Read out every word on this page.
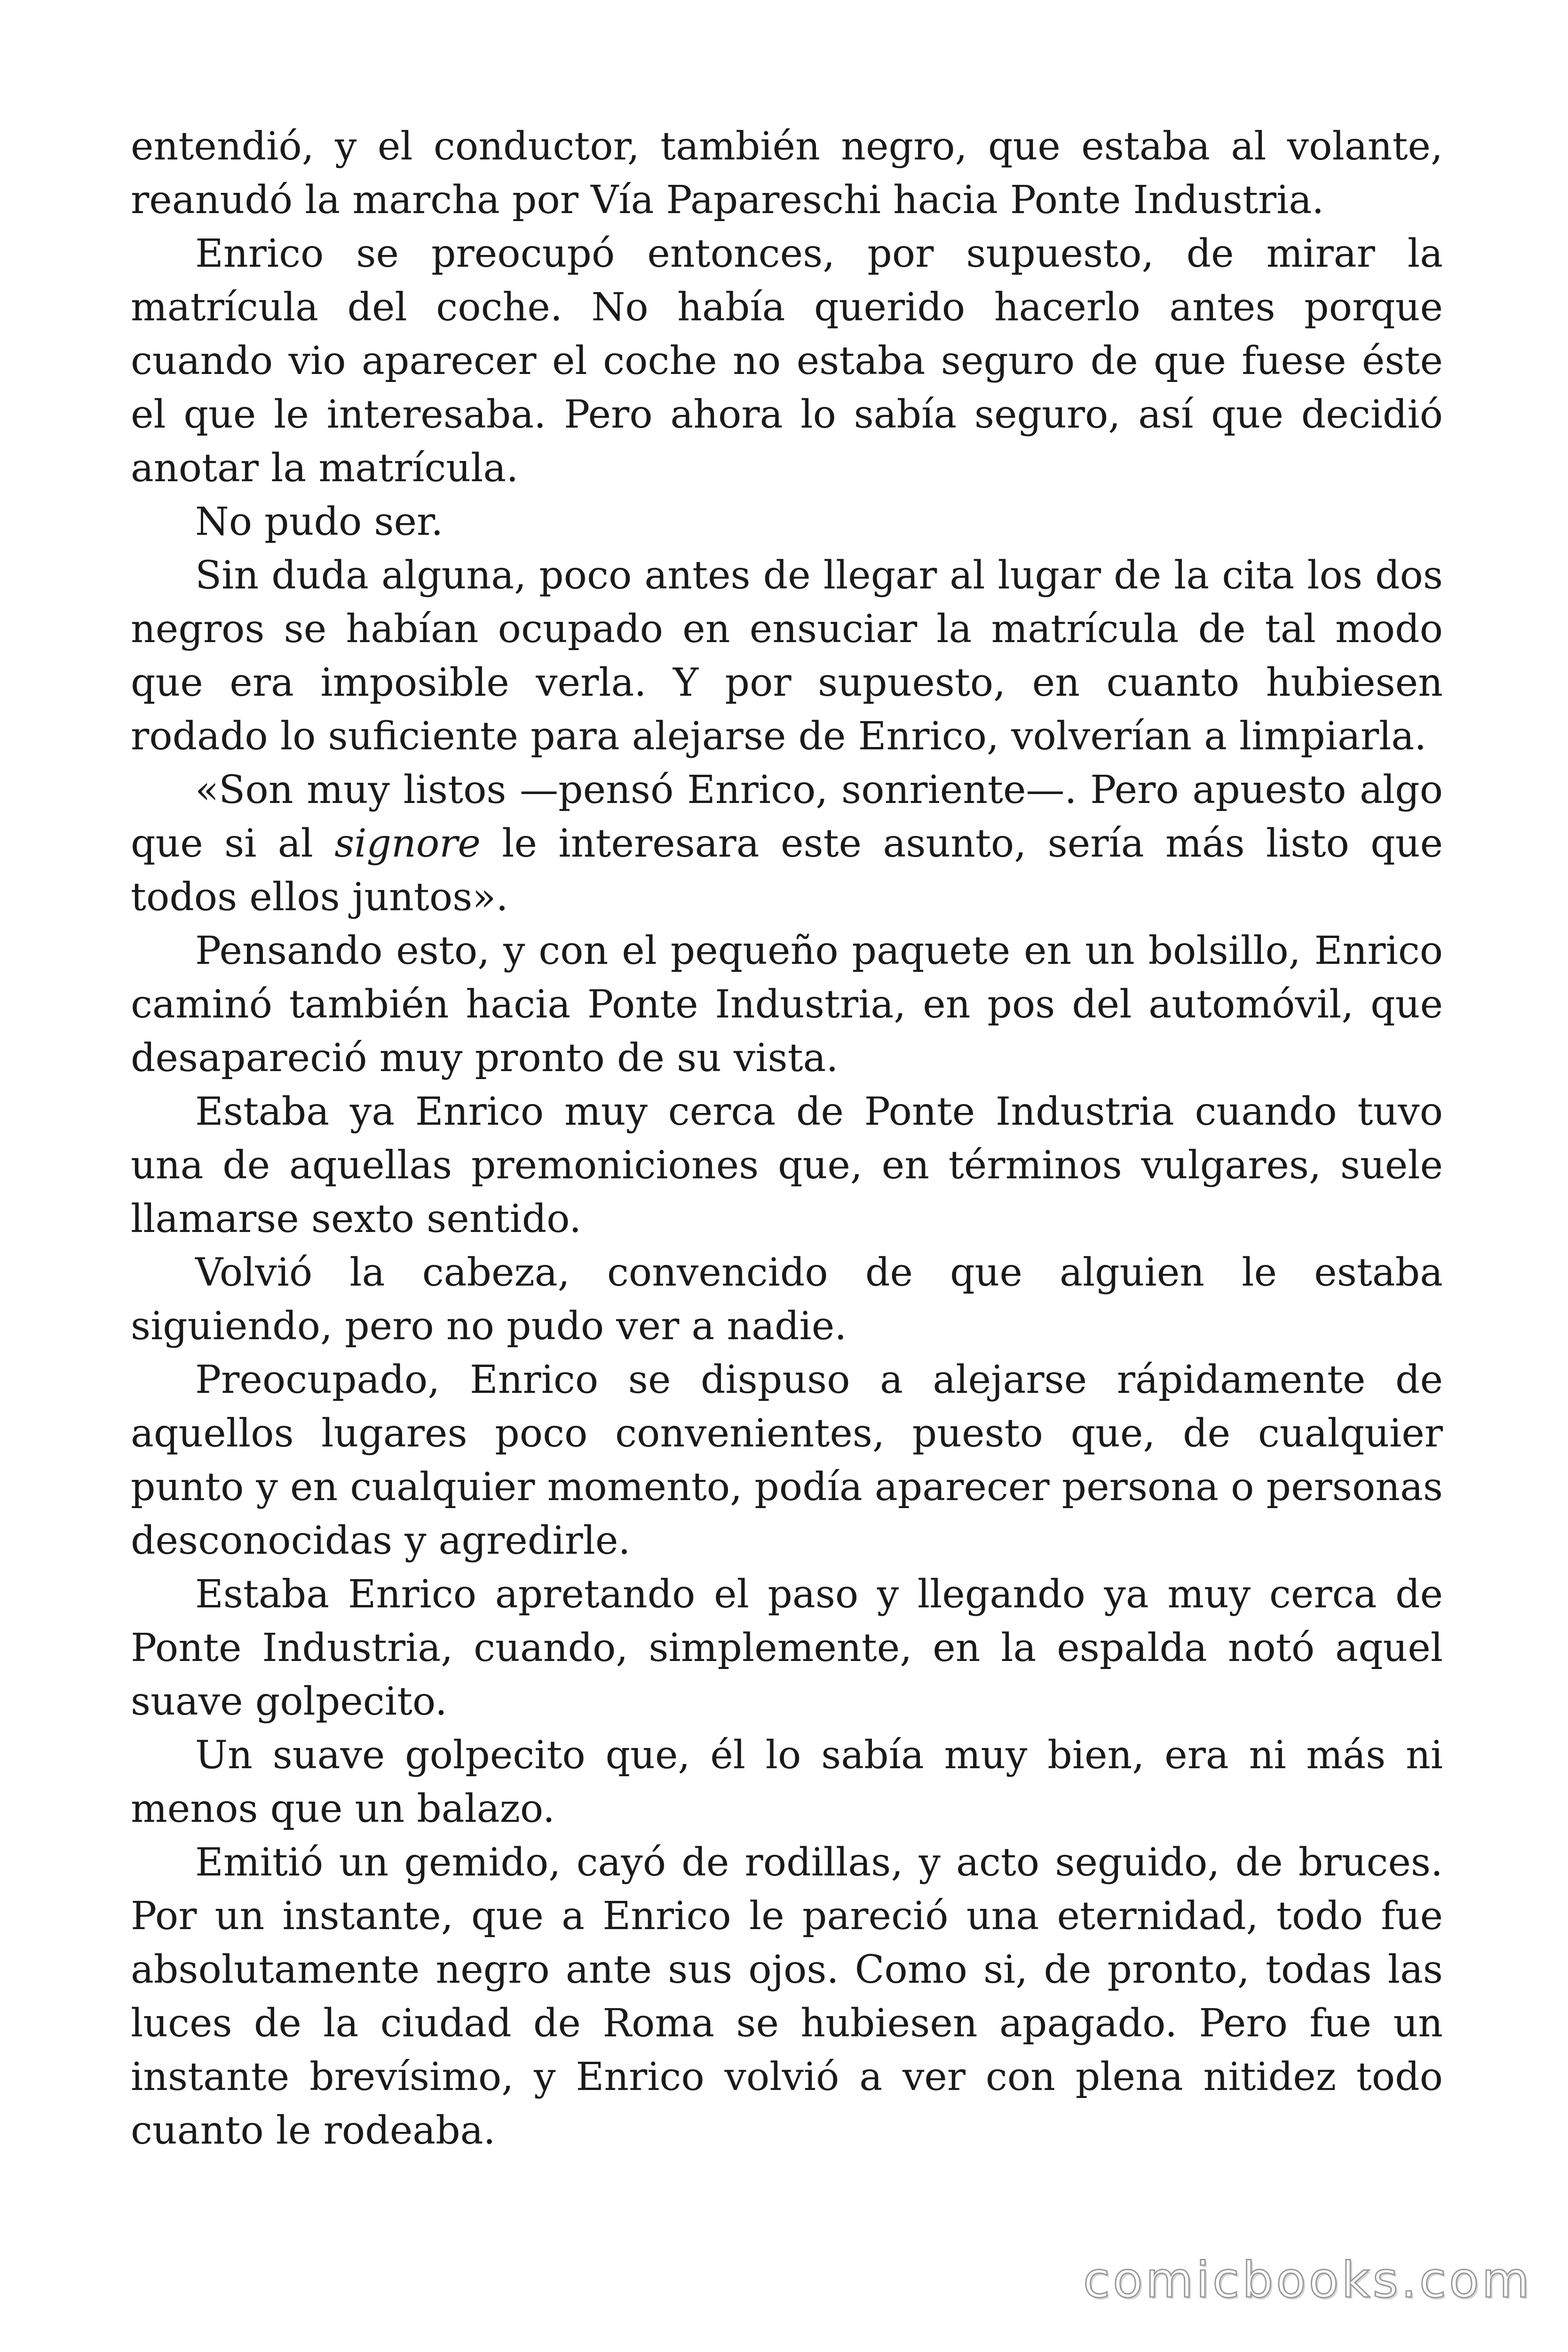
entendió, y el conductor, también negro, que estaba al volante, reanudó la marcha por Vía Papareschi hacia Ponte Industria.

Enrico se preocupó entonces, por supuesto, de mirar la matrícula del coche. No había querido hacerlo antes porque cuando vio aparecer el coche no estaba seguro de que fuese éste el que le interesaba. Pero ahora lo sabía seguro, así que decidió anotar la matrícula.

No pudo ser.

Sin duda alguna, poco antes de llegar al lugar de la cita los dos negros se habían ocupado en ensuciar la matrícula de tal modo que era imposible verla. Y por supuesto, en cuanto hubiesen rodado lo suficiente para alejarse de Enrico, volverían a limpiarla.

«Son muy listos —pensó Enrico, sonriente—. Pero apuesto algo que si al signore le interesara este asunto, sería más listo que todos ellos juntos».

Pensando esto, y con el pequeño paquete en un bolsillo, Enrico caminó también hacia Ponte Industria, en pos del automóvil, que desapareció muy pronto de su vista.

Estaba ya Enrico muy cerca de Ponte Industria cuando tuvo una de aquellas premoniciones que, en términos vulgares, suele llamarse sexto sentido.

Volvió la cabeza, convencido de que alguien le estaba siguiendo, pero no pudo ver a nadie.

Preocupado, Enrico se dispuso a alejarse rápidamente de aquellos lugares poco convenientes, puesto que, de cualquier punto y en cualquier momento, podía aparecer persona o personas desconocidas y agredirle.

Estaba Enrico apretando el paso y llegando ya muy cerca de Ponte Industria, cuando, simplemente, en la espalda notó aquel suave golpecito.

Un suave golpecito que, él lo sabía muy bien, era ni más ni menos que un balazo.

Emitió un gemido, cayó de rodillas, y acto seguido, de bruces. Por un instante, que a Enrico le pareció una eternidad, todo fue absolutamente negro ante sus ojos. Como si, de pronto, todas las luces de la ciudad de Roma se hubiesen apagado. Pero fue un instante brevísimo, y Enrico volvió a ver con plena nitidez todo cuanto le rodeaba.

comicbooks.com
